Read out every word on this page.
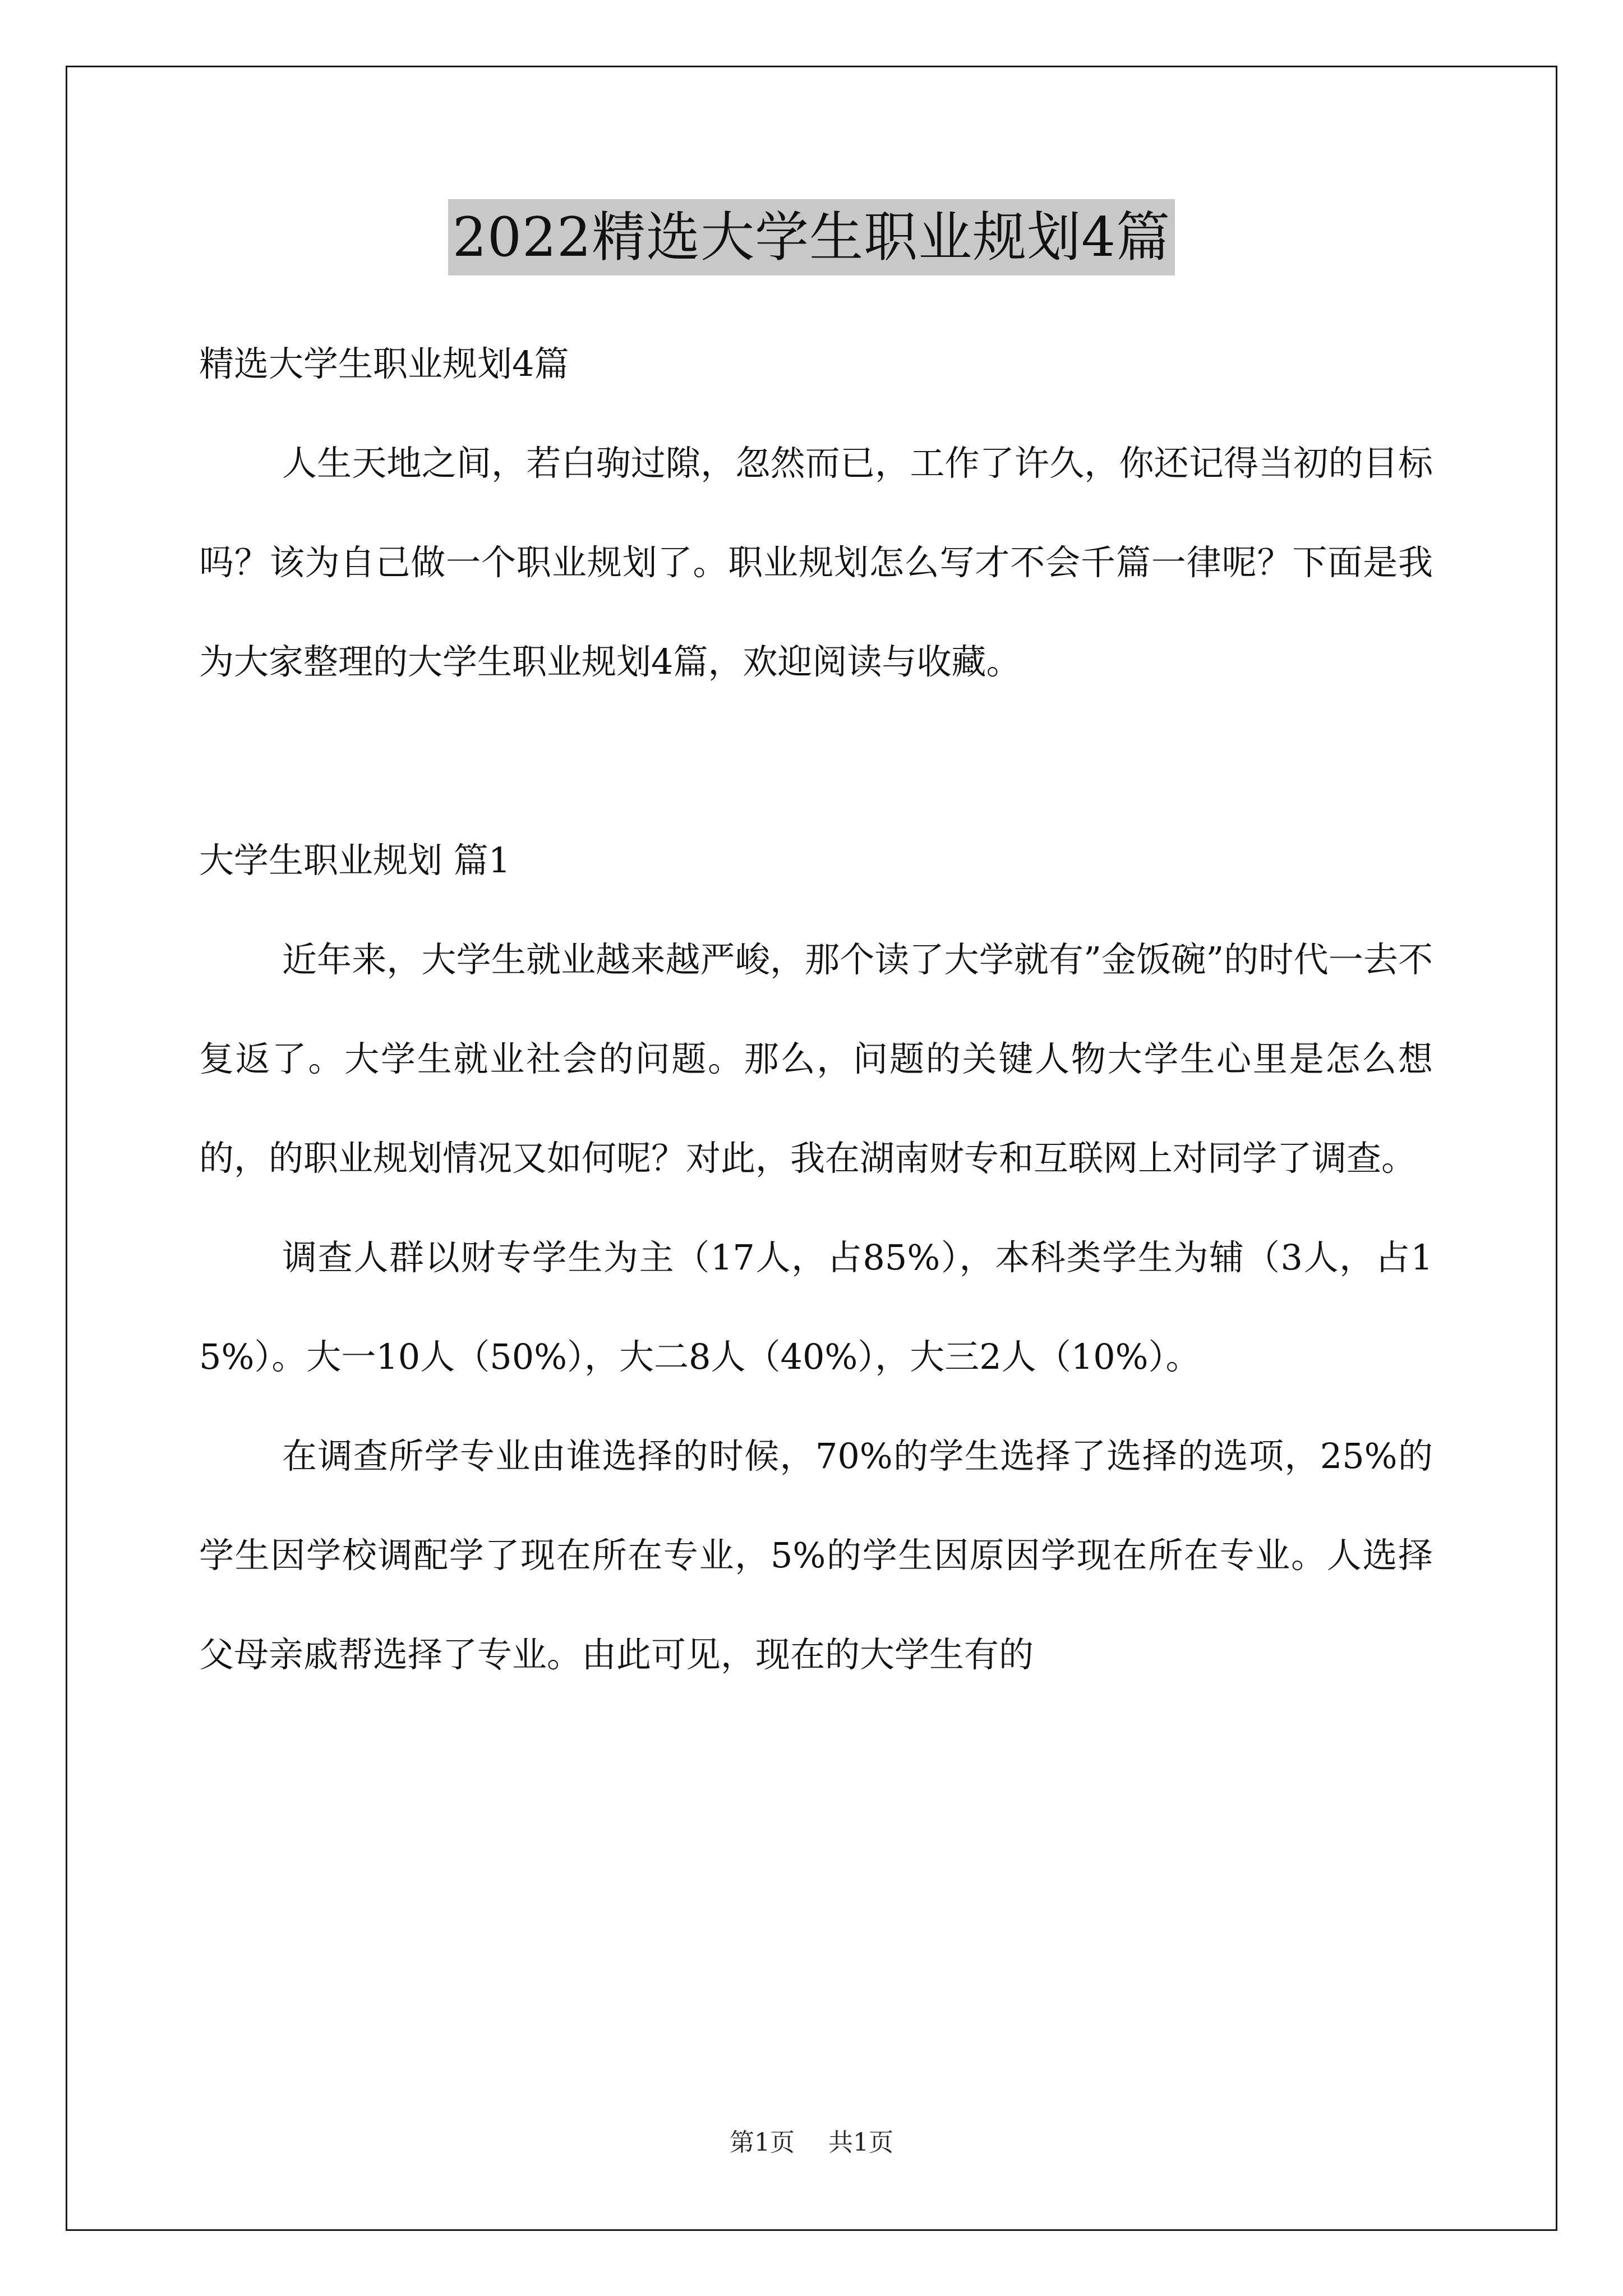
2022精选大学生职业规划4篇

精选大学生职业规划4篇

人生天地之间，若白驹过隙，忽然而已，工作了许久，你还记得当初的目标吗？该为自己做一个职业规划了。职业规划怎么写才不会千篇一律呢？下面是我为大家整理的大学生职业规划4篇，欢迎阅读与收藏。

大学生职业规划 篇1

近年来，大学生就业越来越严峻，那个读了大学就有”金饭碗”的时代一去不复返了。大学生就业社会的问题。那么，问题的关键人物大学生心里是怎么想的，的职业规划情况又如何呢？对此，我在湖南财专和互联网上对同学了调查。

调查人群以财专学生为主（17人，占85%），本科类学生为辅（3人，占15%）。大一10人（50%），大二8人（40%），大三2人（10%）。

在调查所学专业由谁选择的时候，70%的学生选择了选择的选项，25%的学生因学校调配学了现在所在专业，5%的学生因原因学现在所在专业。人选择父母亲戚帮选择了专业。由此可见，现在的大学生有的

第1页 共1页
